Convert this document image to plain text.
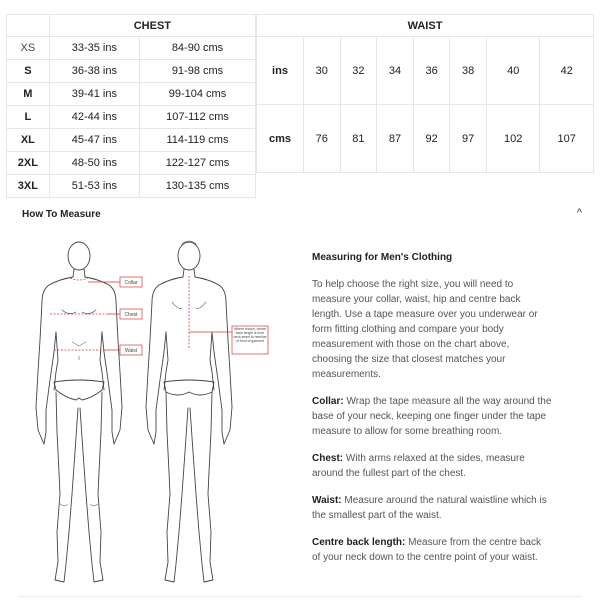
	CHEST	
XS	33-35 ins	84-90 cms
S	36-38 ins	91-98 cms
M	39-41 ins	99-104 cms
L	42-44 ins	107-112 cms
XL	45-47 ins	114-119 cms
2XL	48-50 ins	122-127 cms
3XL	51-53 ins	130-135 cms
WAIST							
ins	30	32	34	36	38	40	42
cms	76	81	87	92	97	102	107
How To Measure	^
Collar
Chest
Waist
Where shown, centre back length is from neck seam to hemline of front of garment
Measuring for Men's Clothing

To help choose the right size, you will need to measure your collar, waist, hip and centre back length. Use a tape measure over you underwear or form fitting clothing and compare your body measurement with those on the chart above, choosing the size that closest matches your measurements.

Collar: Wrap the tape measure all the way around the base of your neck, keeping one finger under the tape measure to allow for some breathing room.

Chest: With arms relaxed at the sides, measure around the fullest part of the chest.

Waist: Measure around the natural waistline which is the smallest part of the waist.

Centre back length: Measure from the centre back of your neck down to the centre point of your waist.
